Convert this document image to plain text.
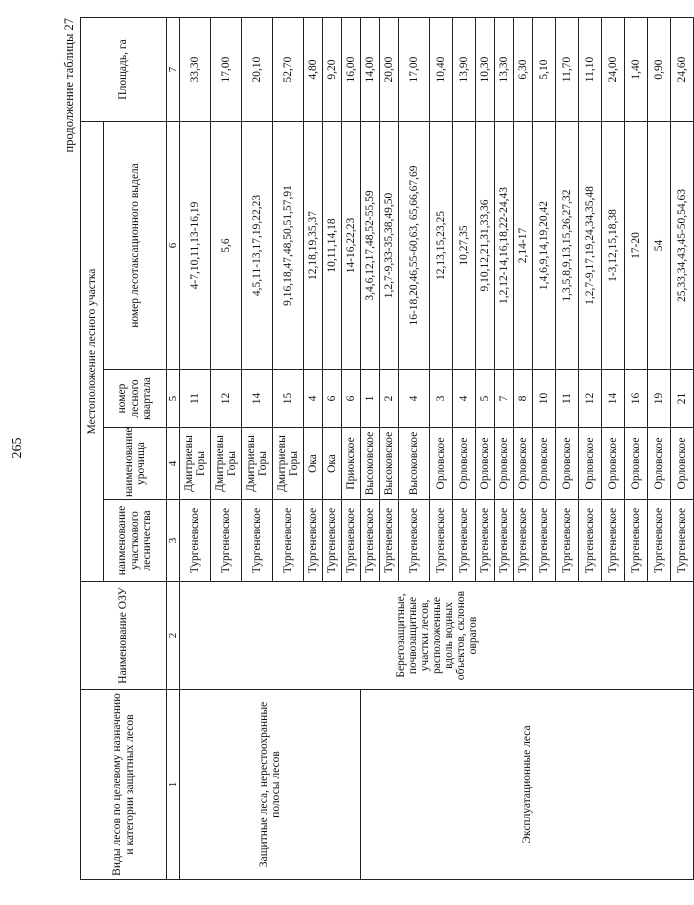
265
продолжение таблицы 27
Виды лесов по целевому назначению и категории защитных лесов	Наименование ОЗУ	Местоположение лесного участка				Площадь, га
		наименование участкового лесничества	наименование урочища	номер лесного квартала	номер лесотаксационного выдела	
1	2	3	4	5	6	7
Защитные леса, нерестоохранные полосы лесов	Берегозащитные, почвозащитные участки лесов, расположенные вдоль водных объектов, склонов оврагов	Тургеневское	Дмитриевы Горы	11	4-7,10,11,13-16,19	33,30
		Тургеневское	Дмитриевы Горы	12	5,6	17,00
		Тургеневское	Дмитриевы Горы	14	4,5,11-13,17,19,22,23	20,10
		Тургеневское	Дмитриевы Горы	15	9,16,18,47,48,50,51,57,91	52,70
		Тургеневское	Ока	4	12,18,19,35,37	4,80
		Тургеневское	Ока	6	10,11,14,18	9,20
		Тургеневское	Приокское	6	14-16,22,23	16,00
Эксплуатационные леса		Тургеневское	Высоковское	1	3,4,6,12,17,48,52-55,59	14,00
		Тургеневское	Высоковское	2	1,2,7-9,33-35,38,49,50	20,00
		Тургеневское	Высоковское	4	16-18,20,46,55-60,63, 65,66,67,69	17,00
		Тургеневское	Орловское	3	12,13,15,23,25	10,40
		Тургеневское	Орловское	4	10,27,35	13,90
		Тургеневское	Орловское	5	9,10,12,21,31,33,36	10,30
		Тургеневское	Орловское	7	1,2,12-14,16,18,22-24,43	13,30
		Тургеневское	Орловское	8	2,14-17	6,30
		Тургеневское	Орловское	10	1,4,6,9,14,19,20,42	5,10
		Тургеневское	Орловское	11	1,3,5,8,9,13,15,26,27,32	11,70
		Тургеневское	Орловское	12	1,2,7-9,17,19,24,34,35,48	11,10
		Тургеневское	Орловское	14	1-3,12,15,18,38	24,00
		Тургеневское	Орловское	16	17-20	1,40
		Тургеневское	Орловское	19	54	0,90
		Тургеневское	Орловское	21	25,33,34,43,45-50,54,63	24,60
